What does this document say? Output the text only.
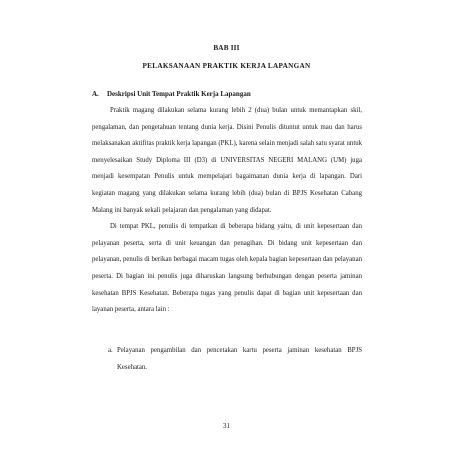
BAB III
PELAKSANAAN PRAKTIK KERJA LAPANGAN
A. Deskripsi Unit Tempat Praktik Kerja Lapangan

Praktik magang dilakukan selama kurang lebih 2 (dua) bulan untuk memantapkan skil, pengalaman, dan pengetahuan tentang dunia kerja. Disini Penulis dituntut untuk mau dan harus melaksanakan aktifitas praktik kerja lapangan (PKL), karena selain menjadi salah satu syarat untuk menyelesaikan Study Diploma III (D3) di UNIVERSITAS NEGERI MALANG (UM) juga menjadi kesempatan Penulis untuk mempelajari bagaimanan dunia kerja di lapangan. Dari kegiatan magang yang dilakukan selama kurang lebih (dua) bulan di BPJS Kesehatan Cabang Malang ini banyak sekali pelajaran dan pengalaman yang didapat.

Di tempat PKL, penulis di tempatkan di beberapa bidang yaitu, di unit kepesertaan dan pelayanan peserta, serta di unit keuangan dan penagihan. Di bidang unit kepesertaan dan pelayanan, penulis di berikan berbagai macam tugas oleh kepala bagian kepesertaan dan pelayanan peserta. Di bagian ini penulis juga diharuskan langsung berhubungan dengan peserta jaminan kesehatan BPJS Kesehatan. Beberapa tugas yang penulis dapat di bagian unit kepesertaan dan layanan peserta, antara lain :

a. Pelayanan pengambilan dan pencetakan kartu peserta jaminan kesehatan BPJS Kesehatan.

31
